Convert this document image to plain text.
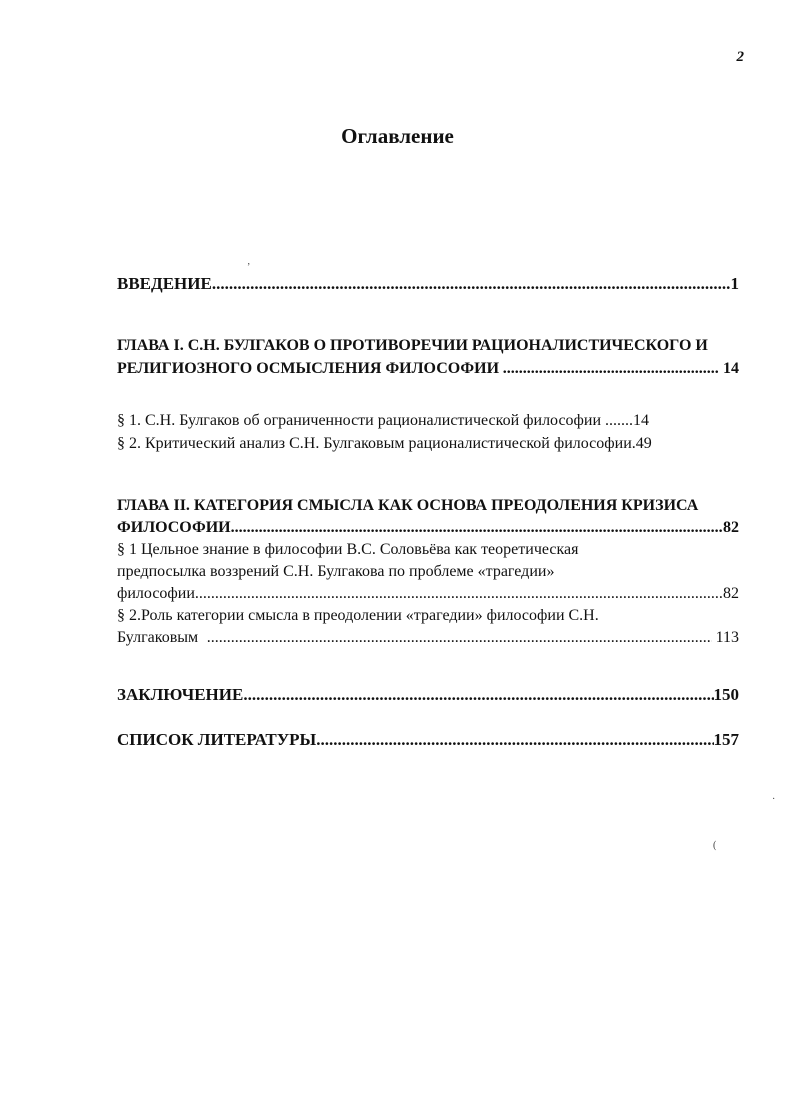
2
Оглавление
ВВЕДЕНИЕ .....	1
ГЛАВА I. С.Н. БУЛГАКОВ О ПРОТИВОРЕЧИИ РАЦИОНАЛИСТИЧЕСКОГО И
РЕЛИГИОЗНОГО ОСМЫСЛЕНИЯ ФИЛОСОФИИ .....	14
§ 1. С.Н. Булгаков об ограниченности рационалистической философии .......14
§ 2. Критический анализ С.Н. Булгаковым рационалистической философии.49
ГЛАВА II. КАТЕГОРИЯ СМЫСЛА КАК ОСНОВА ПРЕОДОЛЕНИЯ КРИЗИСА
ФИЛОСОФИИ .....	82
§ 1 Цельное знание в философии B.C. Соловьёва как теоретическая
предпосылка воззрений С.Н. Булгакова по проблеме «трагедии»
философии .....	82
§ 2.Роль категории смысла в преодолении «трагедии» философии С.Н.
Булгаковым .....	113
ЗАКЛЮЧЕНИЕ .....	150
СПИСОК ЛИТЕРАТУРЫ .....	157
ʼ
·
(
